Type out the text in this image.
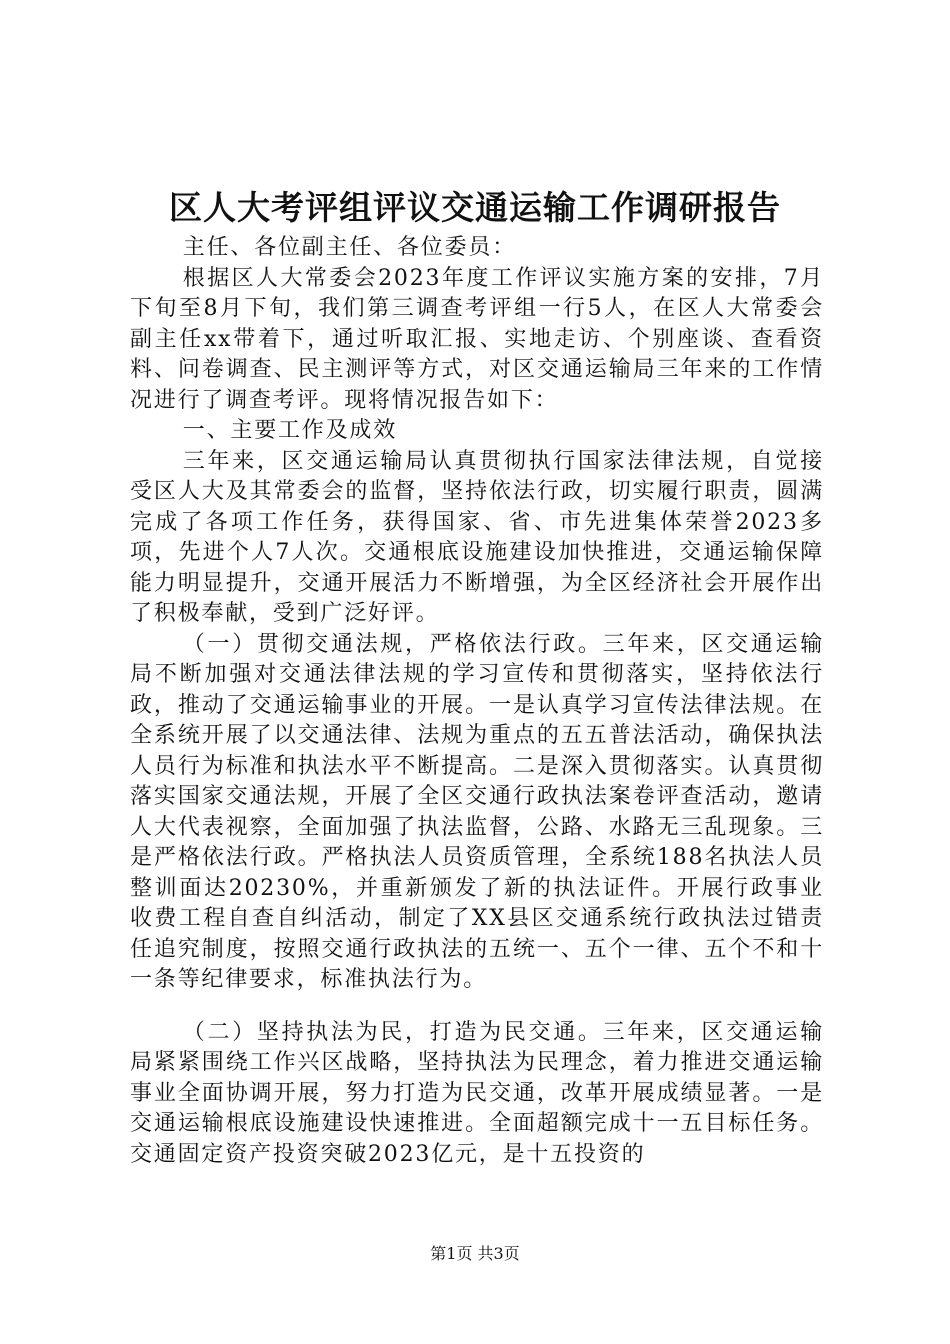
区人大考评组评议交通运输工作调研报告

主任、各位副主任、各位委员：

根据区人大常委会2023年度工作评议实施方案的安排，7月下旬至8月下旬，我们第三调查考评组一行5人，在区人大常委会副主任xx带着下，通过听取汇报、实地走访、个别座谈、查看资料、问卷调查、民主测评等方式，对区交通运输局三年来的工作情况进行了调查考评。现将情况报告如下：

一、主要工作及成效

三年来，区交通运输局认真贯彻执行国家法律法规，自觉接受区人大及其常委会的监督，坚持依法行政，切实履行职责，圆满完成了各项工作任务，获得国家、省、市先进集体荣誉2023多项，先进个人7人次。交通根底设施建设加快推进，交通运输保障能力明显提升，交通开展活力不断增强，为全区经济社会开展作出了积极奉献，受到广泛好评。

（一）贯彻交通法规，严格依法行政。三年来，区交通运输局不断加强对交通法律法规的学习宣传和贯彻落实，坚持依法行政，推动了交通运输事业的开展。一是认真学习宣传法律法规。在全系统开展了以交通法律、法规为重点的五五普法活动，确保执法人员行为标准和执法水平不断提高。二是深入贯彻落实。认真贯彻落实国家交通法规，开展了全区交通行政执法案卷评查活动，邀请人大代表视察，全面加强了执法监督，公路、水路无三乱现象。三是严格依法行政。严格执法人员资质管理，全系统188名执法人员整训面达20230%，并重新颁发了新的执法证件。开展行政事业收费工程自查自纠活动，制定了XX县区交通系统行政执法过错责任追究制度，按照交通行政执法的五统一、五个一律、五个不和十一条等纪律要求，标准执法行为。

（二）坚持执法为民，打造为民交通。三年来，区交通运输局紧紧围绕工作兴区战略，坚持执法为民理念，着力推进交通运输事业全面协调开展，努力打造为民交通，改革开展成绩显著。一是交通运输根底设施建设快速推进。全面超额完成十一五目标任务。交通固定资产投资突破2023亿元，是十五投资的

第1页 共3页
